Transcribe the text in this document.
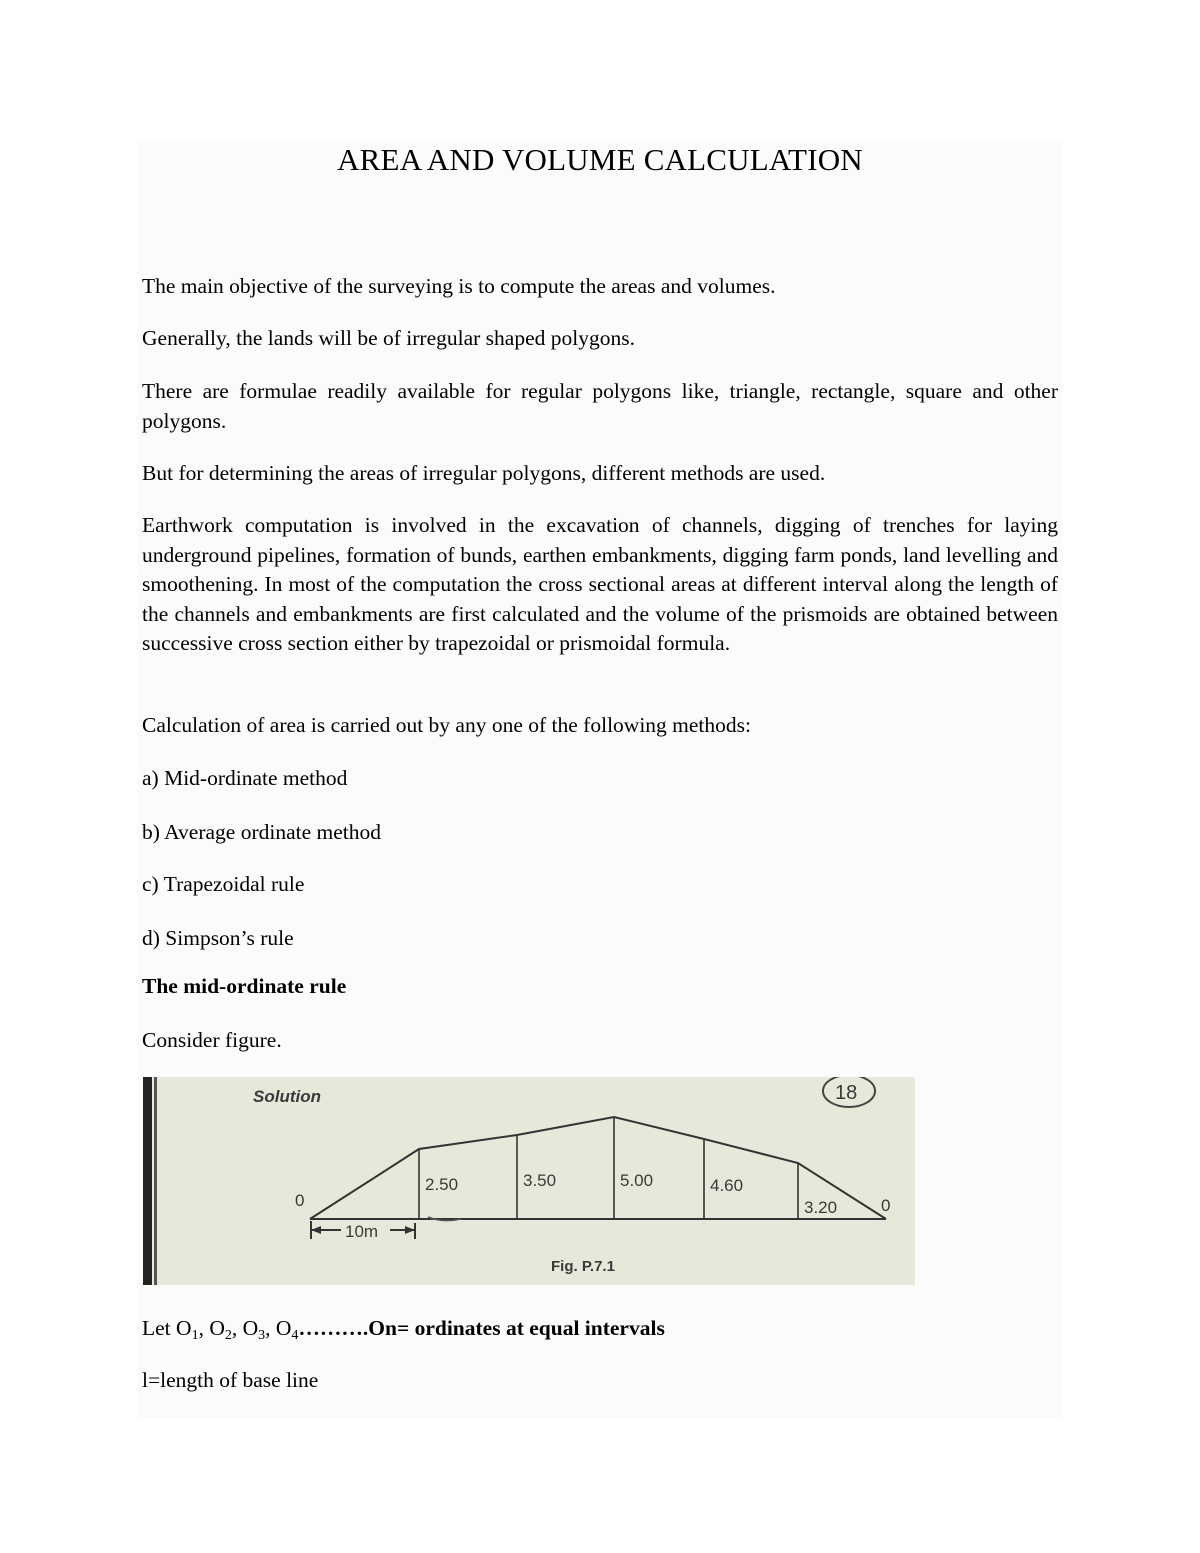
AREA AND VOLUME CALCULATION

The main objective of the surveying is to compute the areas and volumes.

Generally, the lands will be of irregular shaped polygons.

There are formulae readily available for regular polygons like, triangle, rectangle, square and other polygons.

But for determining the areas of irregular polygons, different methods are used.

Earthwork computation is involved in the excavation of channels, digging of trenches for laying underground pipelines, formation of bunds, earthen embankments, digging farm ponds, land levelling and smoothening. In most of the computation the cross sectional areas at different interval along the length of the channels and embankments are first calculated and the volume of the prismoids are obtained between successive cross section either by trapezoidal or prismoidal formula.

Calculation of area is carried out by any one of the following methods:

a) Mid-ordinate method

b) Average ordinate method

c) Trapezoidal rule

d) Simpson’s rule

The mid-ordinate rule

Consider figure.

Solution	18
0	0
2.50	3.50	5.00	4.60
3.20
10m
Fig. P.7.1

Let $O_1$, $O_2$, $O_3$, $O_4\dots\dots\dots.On=$ ordinates at equal intervals

l=length of base line
